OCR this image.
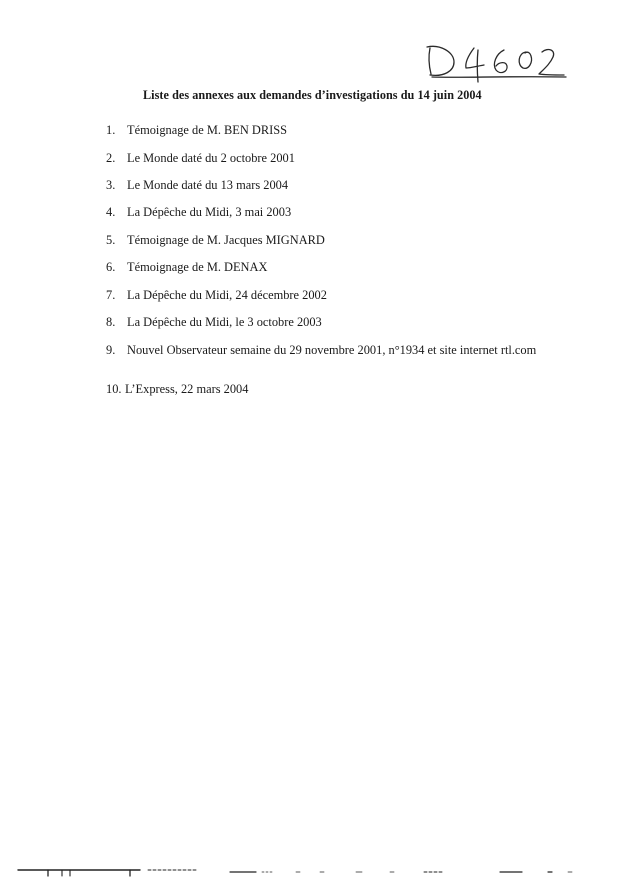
Liste des annexes aux demandes d’investigations du 14 juin 2004
1. Témoignage de M. BEN DRISS
2. Le Monde daté du 2 octobre 2001
3. Le Monde daté du 13 mars 2004
4. La Dépêche du Midi, 3 mai 2003
5. Témoignage de M. Jacques MIGNARD
6. Témoignage de M. DENAX
7. La Dépêche du Midi, 24 décembre 2002
8. La Dépêche du Midi, le 3 octobre 2003
9. Nouvel Observateur semaine du 29 novembre 2001, n°1934 et site internet rtl.com
10. L’Express, 22 mars 2004
